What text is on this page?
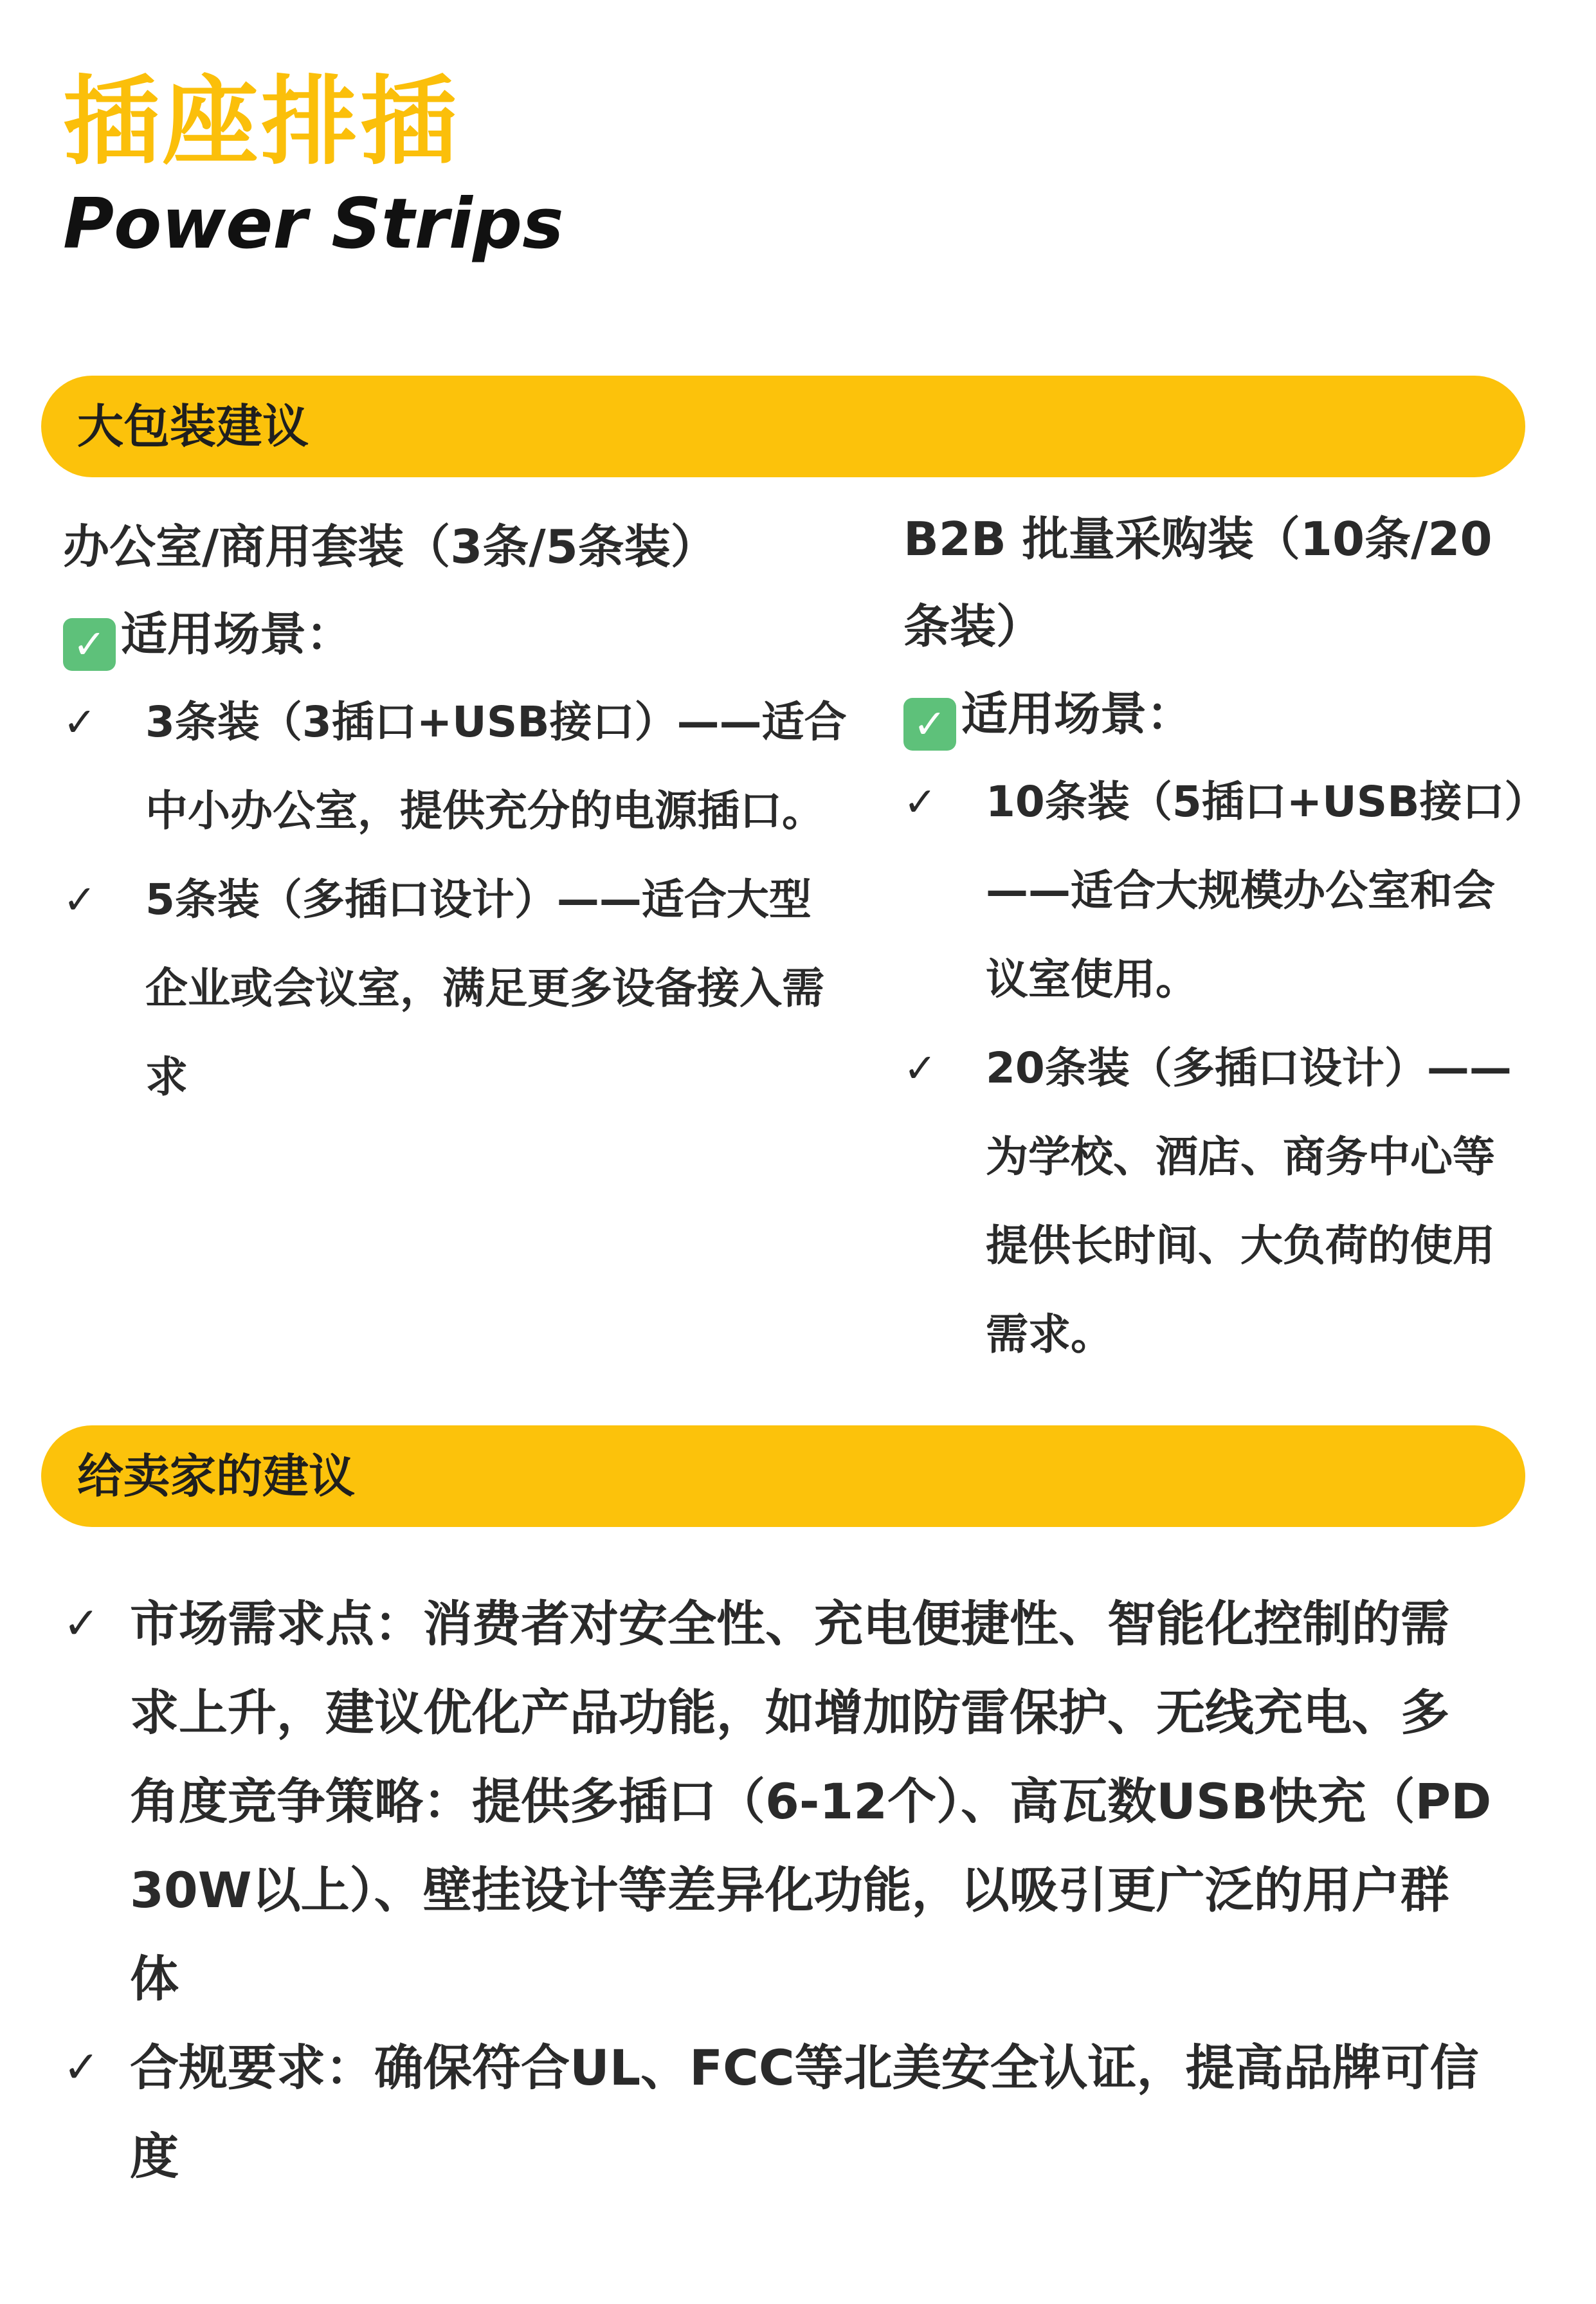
插座排插
Power Strips
大包装建议
办公室/商用套装（3条/5条装）
✓ 适用场景：
✓ 3条装（3插口+USB接口）——适合中小办公室，提供充分的电源插口。
✓ 5条装（多插口设计）——适合大型企业或会议室，满足更多设备接入需求
B2B 批量采购装（10条/20条装）
✓ 适用场景：
✓ 10条装（5插口+USB接口）——适合大规模办公室和会议室使用。
✓ 20条装（多插口设计）——为学校、酒店、商务中心等提供长时间、大负荷的使用需求。
给卖家的建议
✓ 市场需求点：消费者对安全性、充电便捷性、智能化控制的需求上升，建议优化产品功能，如增加防雷保护、无线充电、多角度竞争策略：提供多插口（6-12个）、高瓦数USB快充（PD 30W以上）、壁挂设计等差异化功能，以吸引更广泛的用户群体
✓ 合规要求：确保符合UL、FCC等北美安全认证，提高品牌可信度
